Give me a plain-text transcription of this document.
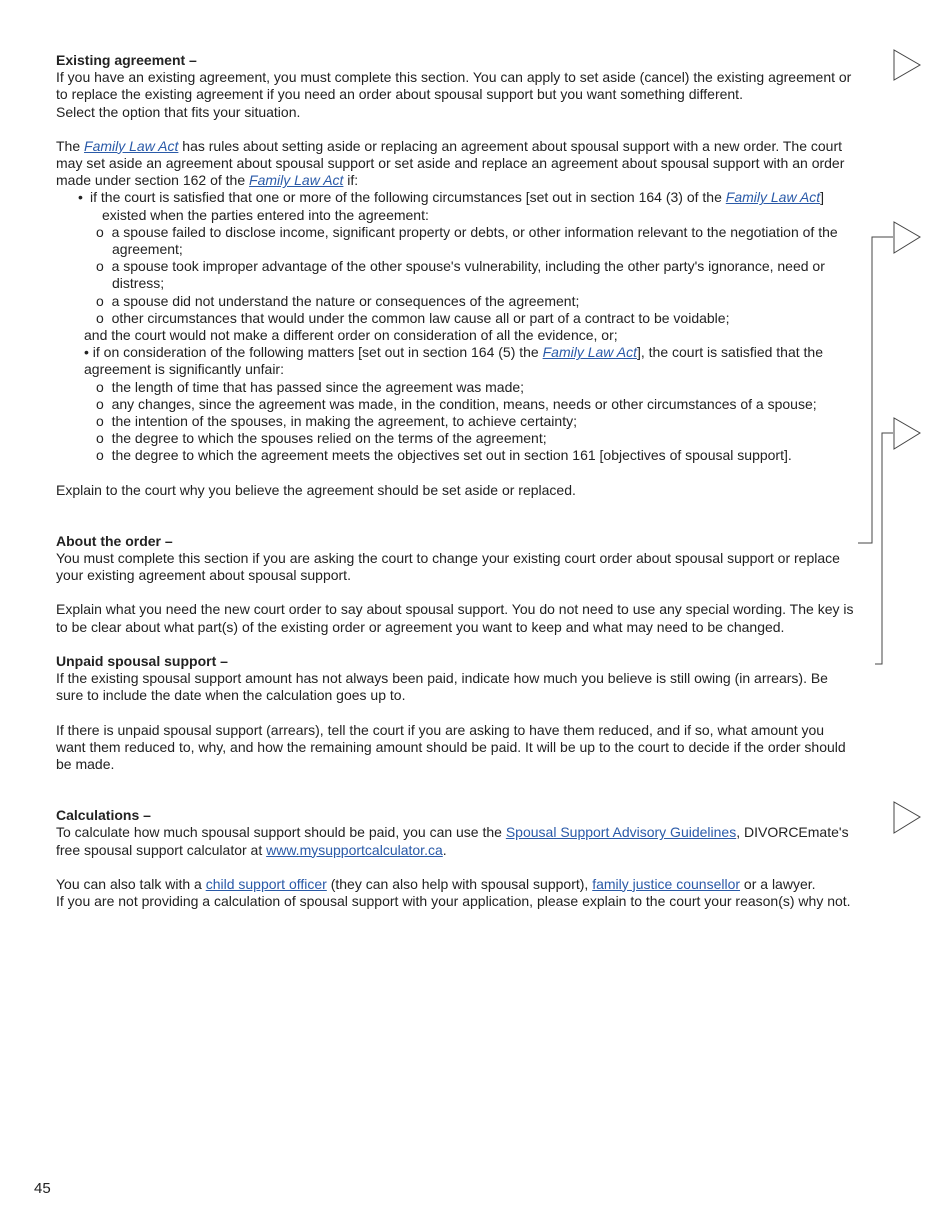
Existing agreement –

If you have an existing agreement, you must complete this section. You can apply to set aside (cancel) the existing agreement or to replace the existing agreement if you need an order about spousal support but you want something different.

Select the option that fits your situation.

The Family Law Act has rules about setting aside or replacing an agreement about spousal support with a new order. The court may set aside an agreement about spousal support or set aside and replace an agreement about spousal support with an order made under section 162 of the Family Law Act if:

• if the court is satisfied that one or more of the following circumstances [set out in section 164 (3) of the Family Law Act] existed when the parties entered into the agreement:

o  a spouse failed to disclose income, significant property or debts, or other information relevant to the negotiation of the agreement;

o  a spouse took improper advantage of the other spouse's vulnerability, including the other party's ignorance, need or distress;

o  a spouse did not understand the nature or consequences of the agreement;

o  other circumstances that would under the common law cause all or part of a contract to be voidable;

and the court would not make a different order on consideration of all the evidence, or;

• if on consideration of the following matters [set out in section 164 (5) the Family Law Act], the court is satisfied that the agreement is significantly unfair:

o  the length of time that has passed since the agreement was made;

o  any changes, since the agreement was made, in the condition, means, needs or other circumstances of a spouse;

o  the intention of the spouses, in making the agreement, to achieve certainty;

o  the degree to which the spouses relied on the terms of the agreement;

o  the degree to which the agreement meets the objectives set out in section 161 [objectives of spousal support].

Explain to the court why you believe the agreement should be set aside or replaced.

About the order –

You must complete this section if you are asking the court to change your existing court order about spousal support or replace your existing agreement about spousal support.

Explain what you need the new court order to say about spousal support. You do not need to use any special wording. The key is to be clear about what part(s) of the existing order or agreement you want to keep and what may need to be changed.

Unpaid spousal support –

If the existing spousal support amount has not always been paid, indicate how much you believe is still owing (in arrears). Be sure to include the date when the calculation goes up to.

If there is unpaid spousal support (arrears), tell the court if you are asking to have them reduced, and if so, what amount you want them reduced to, why, and how the remaining amount should be paid. It will be up to the court to decide if the order should be made.

Calculations –

To calculate how much spousal support should be paid, you can use the Spousal Support Advisory Guidelines, DIVORCEmate's free spousal support calculator at www.mysupportcalculator.ca.

You can also talk with a child support officer (they can also help with spousal support), family justice counsellor or a lawyer.

If you are not providing a calculation of spousal support with your application, please explain to the court your reason(s) why not.

45
